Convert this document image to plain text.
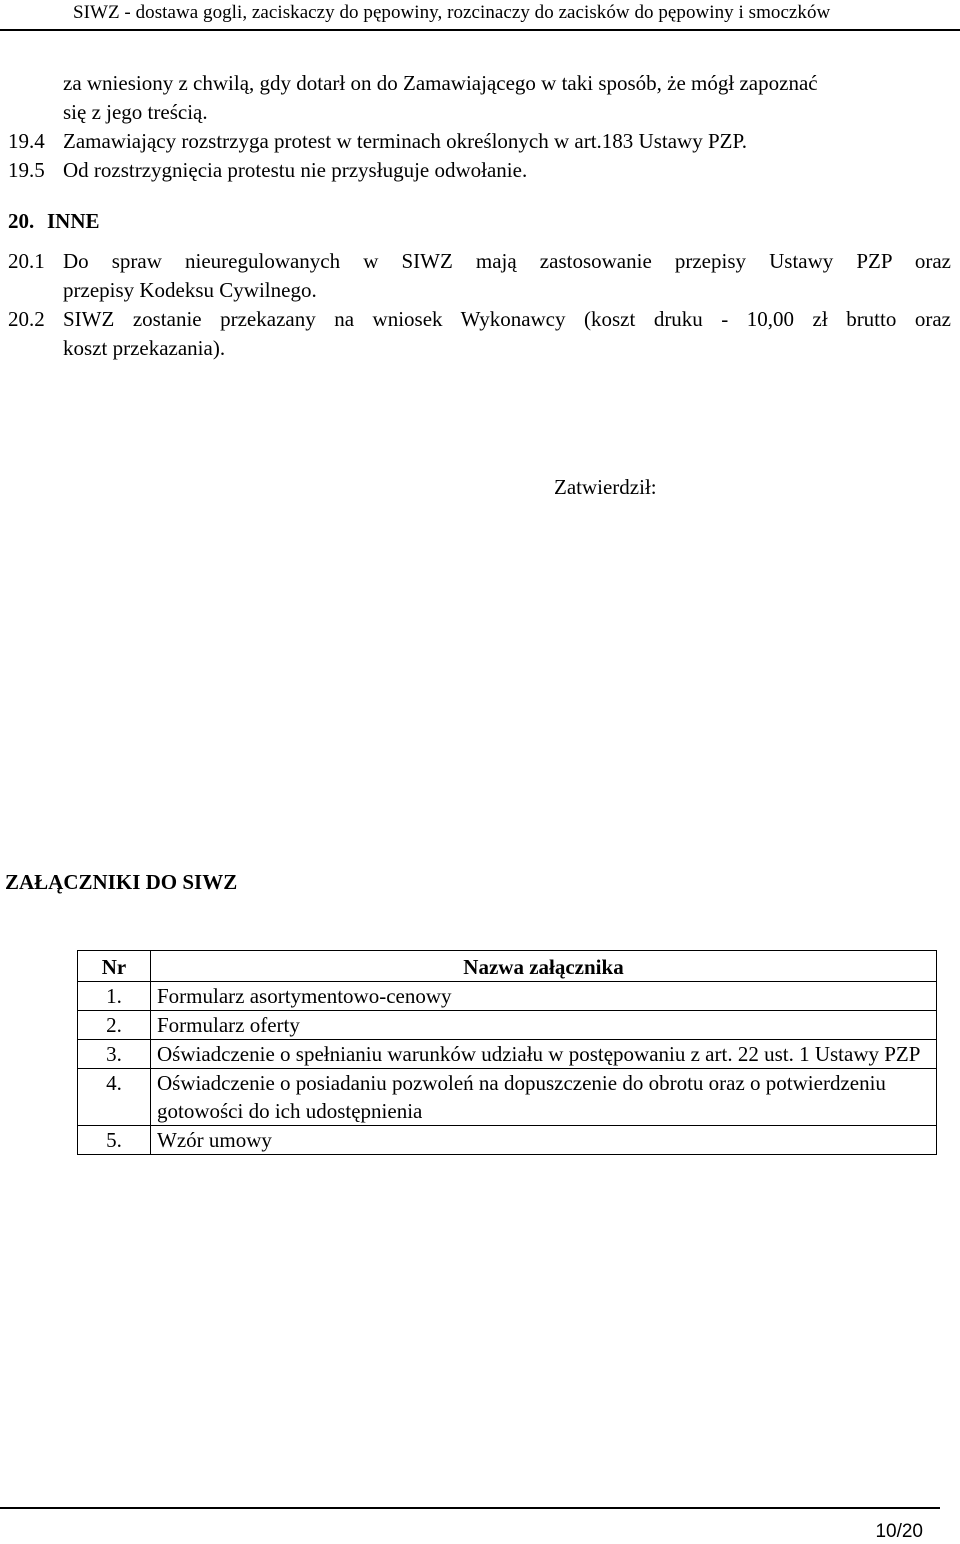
SIWZ - dostawa gogli, zaciskaczy do pępowiny, rozcinaczy do zacisków do pępowiny i smoczków
za wniesiony z chwilą, gdy dotarł on do Zamawiającego w taki sposób, że mógł zapoznać
się z jego treścią.
19.4 Zamawiający rozstrzyga protest w terminach określonych w art.183 Ustawy PZP.
19.5 Od rozstrzygnięcia protestu nie przysługuje odwołanie.
20. INNE
20.1 Do spraw nieuregulowanych w SIWZ mają zastosowanie przepisy Ustawy PZP oraz
przepisy Kodeksu Cywilnego.
20.2 SIWZ zostanie przekazany na wniosek Wykonawcy (koszt druku - 10,00 zł brutto oraz
koszt przekazania).
Zatwierdził:
ZAŁĄCZNIKI DO SIWZ
Nr	Nazwa załącznika
1.	Formularz asortymentowo-cenowy
2.	Formularz oferty
3.	Oświadczenie o spełnianiu warunków udziału w postępowaniu z art. 22 ust. 1 Ustawy PZP
4.	Oświadczenie o posiadaniu pozwoleń na dopuszczenie do obrotu oraz o potwierdzeniu gotowości do ich udostępnienia
5.	Wzór umowy
10/20
